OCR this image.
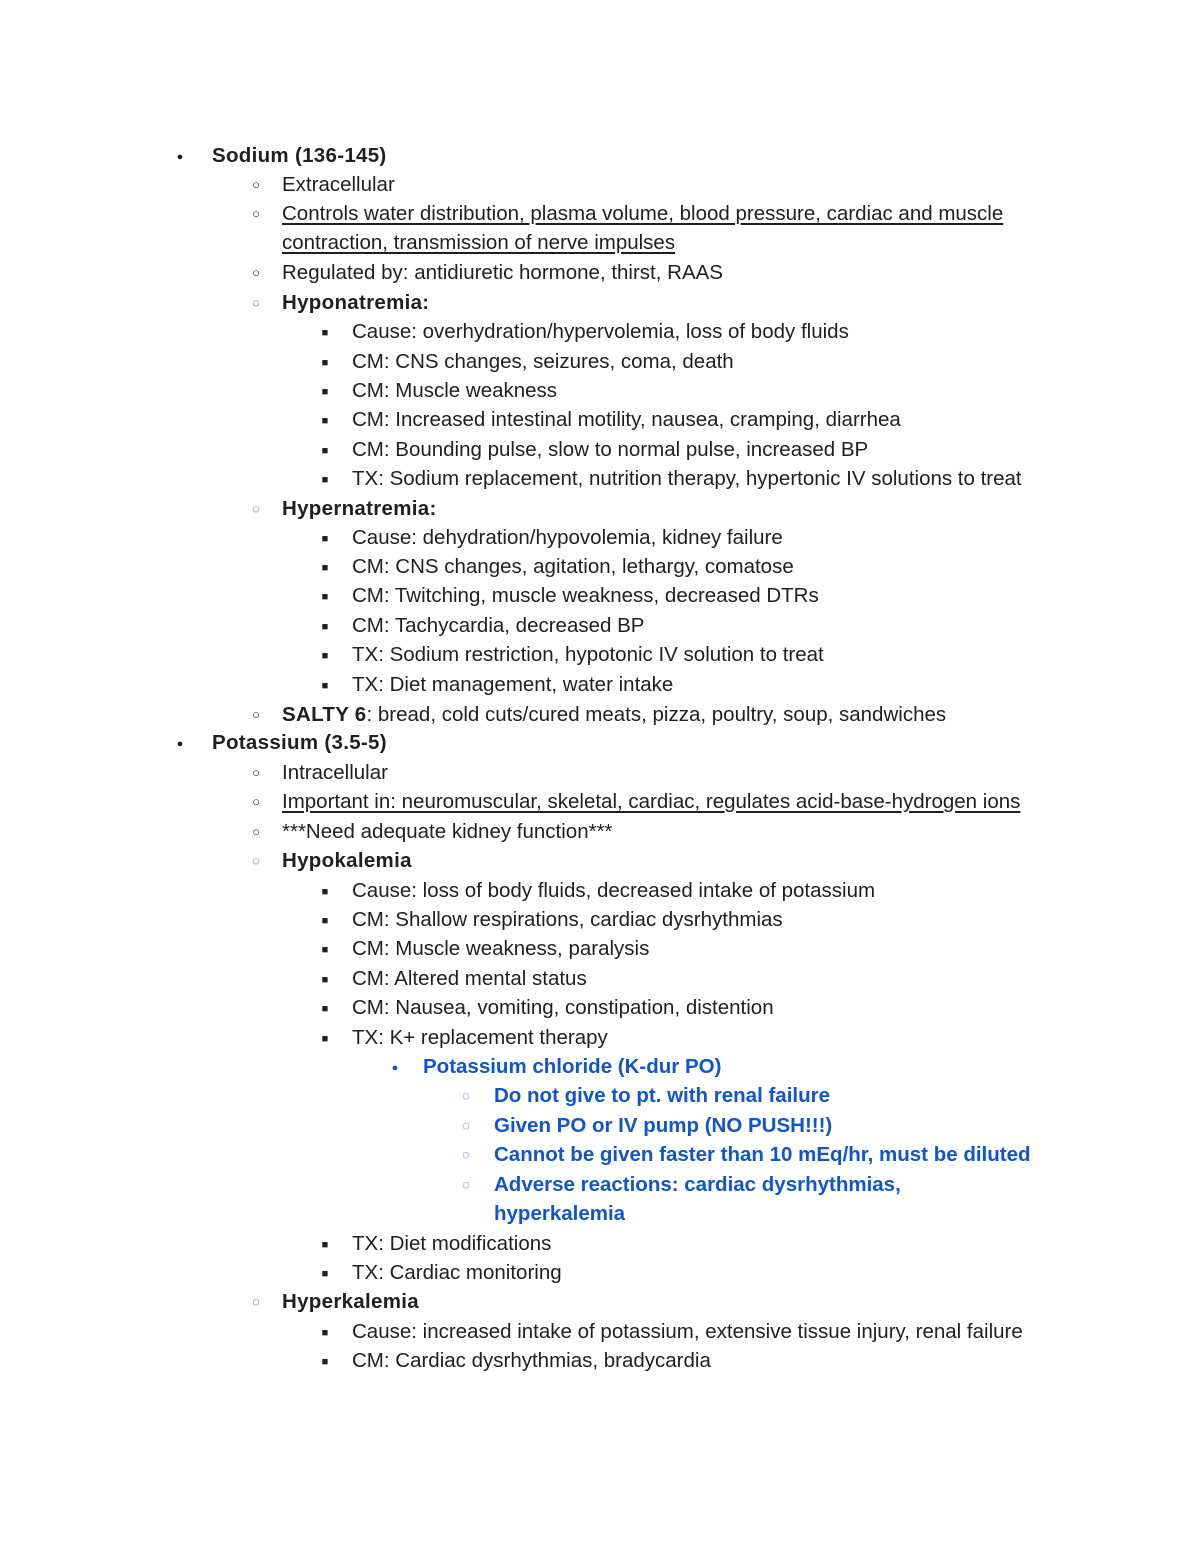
●
Sodium (136-145)
○
Extracellular
○
Controls water distribution, plasma volume, blood pressure, cardiac and muscle
contraction, transmission of nerve impulses
○
Regulated by: antidiuretic hormone, thirst, RAAS
◌
Hyponatremia:
■
Cause: overhydration/hypervolemia, loss of body fluids
■
CM: CNS changes, seizures, coma, death
■
CM: Muscle weakness
■
CM: Increased intestinal motility, nausea, cramping, diarrhea
■
CM: Bounding pulse, slow to normal pulse, increased BP
■
TX: Sodium replacement, nutrition therapy, hypertonic IV solutions to treat
◌
Hypernatremia:
■
Cause: dehydration/hypovolemia, kidney failure
■
CM: CNS changes, agitation, lethargy, comatose
■
CM: Twitching, muscle weakness, decreased DTRs
■
CM: Tachycardia, decreased BP
■
TX: Sodium restriction, hypotonic IV solution to treat
■
TX: Diet management, water intake
○
SALTY 6: bread, cold cuts/cured meats, pizza, poultry, soup, sandwiches
●
Potassium (3.5-5)
○
Intracellular
○
Important in: neuromuscular, skeletal, cardiac, regulates acid-base-hydrogen ions
○
***Need adequate kidney function***
◌
Hypokalemia
■
Cause: loss of body fluids, decreased intake of potassium
■
CM: Shallow respirations, cardiac dysrhythmias
■
CM: Muscle weakness, paralysis
■
CM: Altered mental status
■
CM: Nausea, vomiting, constipation, distention
■
TX: K+ replacement therapy
●
Potassium chloride (K-dur PO)
◌
Do not give to pt. with renal failure
◌
Given PO or IV pump (NO PUSH!!!)
◌
Cannot be given faster than 10 mEq/hr, must be diluted
◌
Adverse reactions: cardiac dysrhythmias,
hyperkalemia
■
TX: Diet modifications
■
TX: Cardiac monitoring
◌
Hyperkalemia
■
Cause: increased intake of potassium, extensive tissue injury, renal failure
■
CM: Cardiac dysrhythmias, bradycardia
